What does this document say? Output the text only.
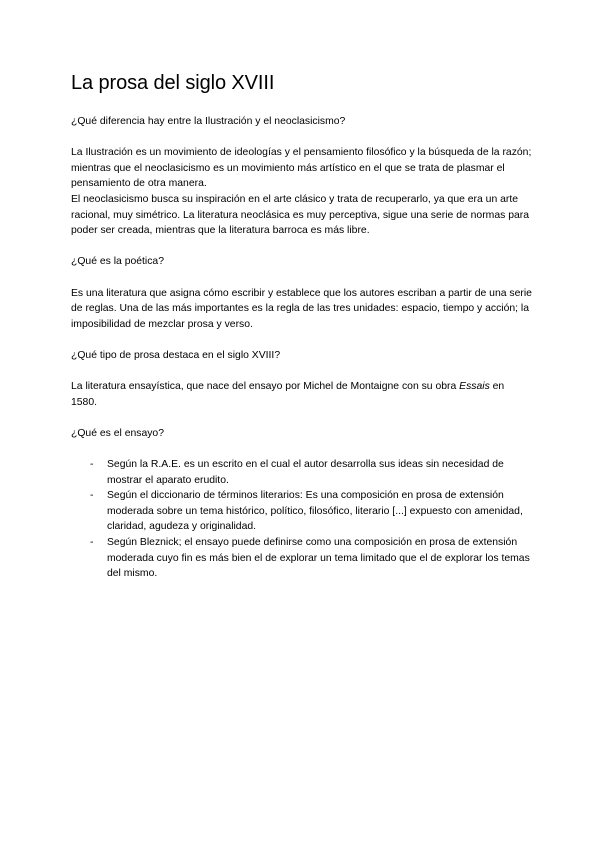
La prosa del siglo XVIII

¿Qué diferencia hay entre la Ilustración y el neoclasicismo?

La Ilustración es un movimiento de ideologías y el pensamiento filosófico y la búsqueda de la razón; mientras que el neoclasicismo es un movimiento más artístico en el que se trata de plasmar el pensamiento de otra manera.

El neoclasicismo busca su inspiración en el arte clásico y trata de recuperarlo, ya que era un arte racional, muy simétrico. La literatura neoclásica es muy perceptiva, sigue una serie de normas para poder ser creada, mientras que la literatura barroca es más libre.

¿Qué es la poética?

Es una literatura que asigna cómo escribir y establece que los autores escriban a partir de una serie de reglas. Una de las más importantes es la regla de las tres unidades: espacio, tiempo y acción; la imposibilidad de mezclar prosa y verso.

¿Qué tipo de prosa destaca en el siglo XVIII?

La literatura ensayística, que nace del ensayo por Michel de Montaigne con su obra Essais en 1580.

¿Qué es el ensayo?

- Según la R.A.E. es un escrito en el cual el autor desarrolla sus ideas sin necesidad de mostrar el aparato erudito.
- Según el diccionario de términos literarios: Es una composición en prosa de extensión moderada sobre un tema histórico, político, filosófico, literario [...] expuesto con amenidad, claridad, agudeza y originalidad.
- Según Bleznick; el ensayo puede definirse como una composición en prosa de extensión moderada cuyo fin es más bien el de explorar un tema limitado que el de explorar los temas del mismo.
